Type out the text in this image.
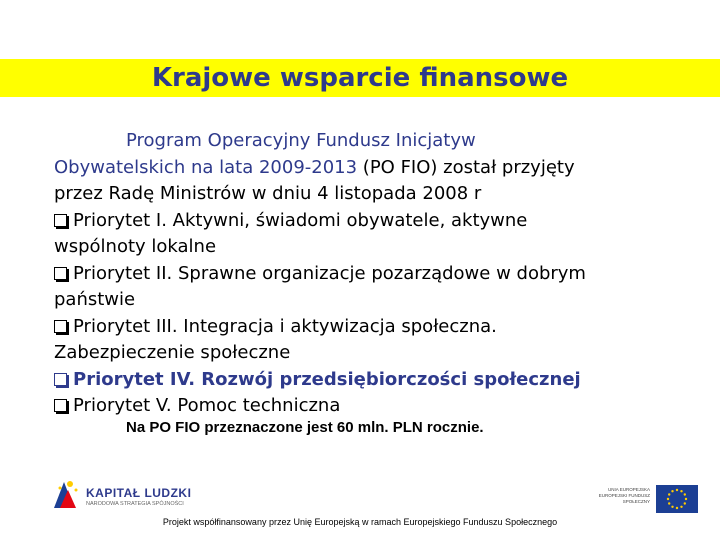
Krajowe wsparcie finansowe
Program Operacyjny Fundusz Inicjatyw
Obywatelskich na lata 2009-2013 (PO FIO) został przyjęty
przez Radę Ministrów w dniu 4 listopada 2008 r
Priorytet I. Aktywni, świadomi obywatele, aktywne
wspólnoty lokalne
Priorytet II. Sprawne organizacje pozarządowe w dobrym
państwie
Priorytet III. Integracja i aktywizacja społeczna.
Zabezpieczenie społeczne
Priorytet IV. Rozwój przedsiębiorczości społecznej
Priorytet V. Pomoc techniczna
Na PO FIO przeznaczone jest 60 mln. PLN rocznie.
KAPITAŁ LUDZKI
NARODOWA STRATEGIA SPÓJNOŚCI
UNIA EUROPEJSKA EUROPEJSKI FUNDUSZ SPOŁECZNY
Projekt współfinansowany przez Unię Europejską w ramach Europejskiego Funduszu Społecznego
